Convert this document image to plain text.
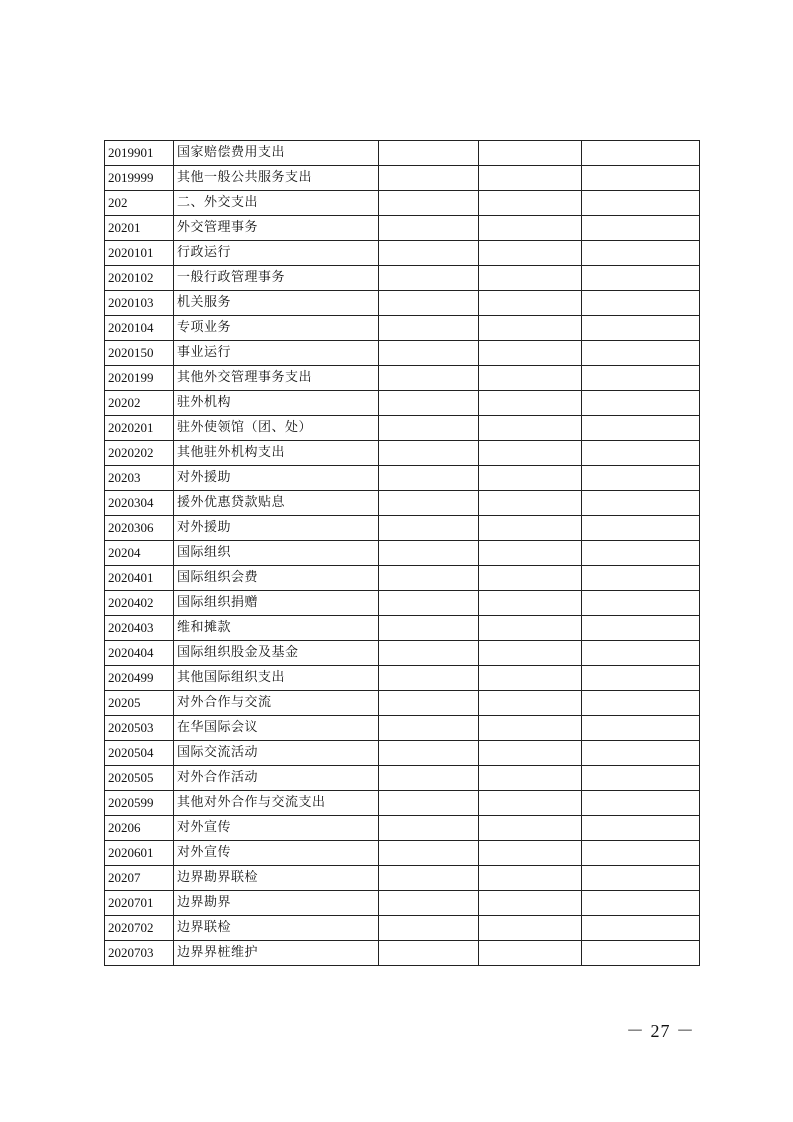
2019901	国家赔偿费用支出			
2019999	其他一般公共服务支出			
202	二、外交支出			
20201	外交管理事务			
2020101	行政运行			
2020102	一般行政管理事务			
2020103	机关服务			
2020104	专项业务			
2020150	事业运行			
2020199	其他外交管理事务支出			
20202	驻外机构			
2020201	驻外使领馆（团、处）			
2020202	其他驻外机构支出			
20203	对外援助			
2020304	援外优惠贷款贴息			
2020306	对外援助			
20204	国际组织			
2020401	国际组织会费			
2020402	国际组织捐赠			
2020403	维和摊款			
2020404	国际组织股金及基金			
2020499	其他国际组织支出			
20205	对外合作与交流			
2020503	在华国际会议			
2020504	国际交流活动			
2020505	对外合作活动			
2020599	其他对外合作与交流支出			
20206	对外宣传			
2020601	对外宣传			
20207	边界勘界联检			
2020701	边界勘界			
2020702	边界联检			
2020703	边界界桩维护			
－ 27 －
